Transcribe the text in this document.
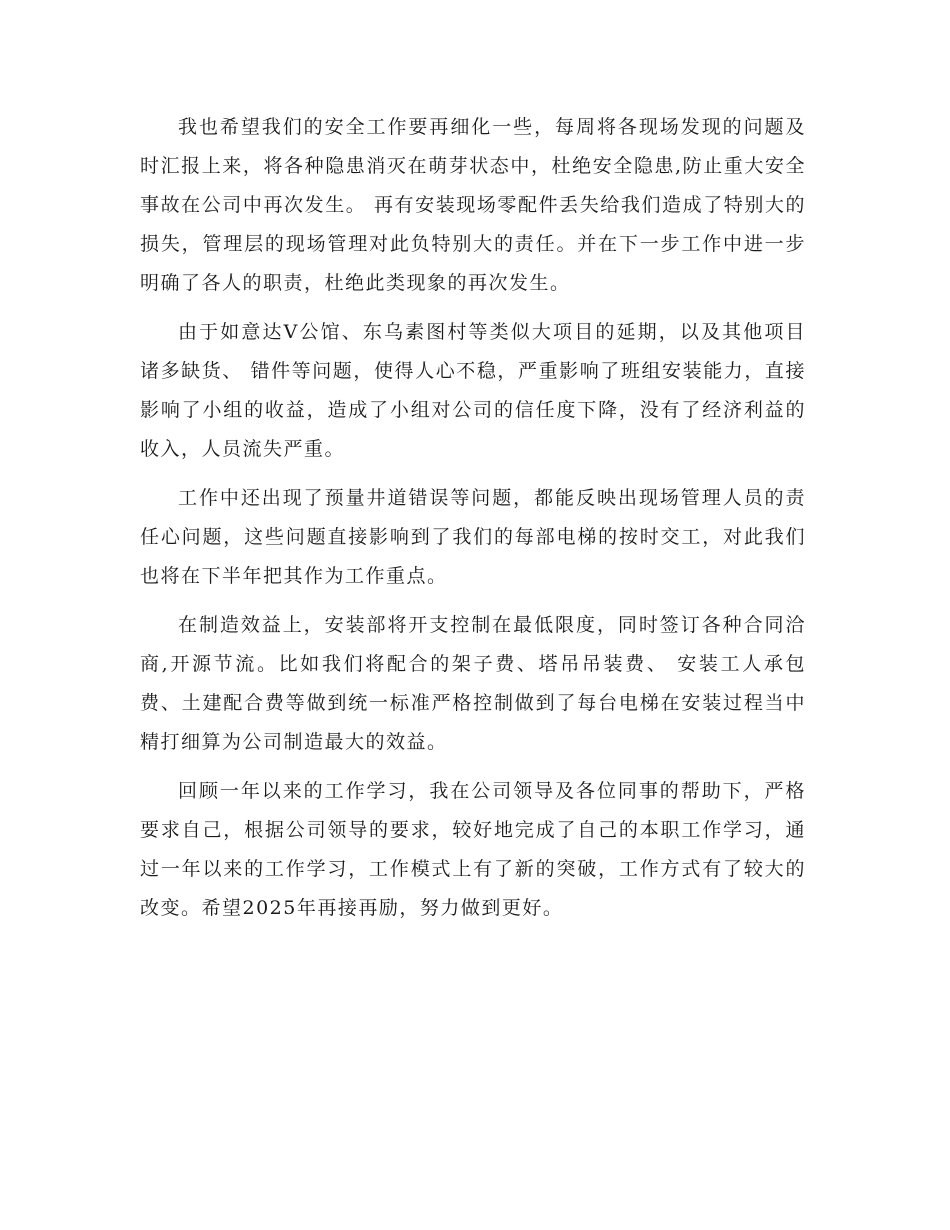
我也希望我们的安全工作要再细化一些，每周将各现场发现的问题及时汇报上来，将各种隐患消灭在萌芽状态中，杜绝安全隐患,防止重大安全事故在公司中再次发生。 再有安装现场零配件丢失给我们造成了特别大的损失，管理层的现场管理对此负特别大的责任。并在下一步工作中进一步明确了各人的职责，杜绝此类现象的再次发生。

由于如意达Ⅴ公馆、东乌素图村等类似大项目的延期，以及其他项目诸多缺货、 错件等问题，使得人心不稳，严重影响了班组安装能力，直接影响了小组的收益，造成了小组对公司的信任度下降，没有了经济利益的收入，人员流失严重。

工作中还出现了预量井道错误等问题，都能反映出现场管理人员的责任心问题，这些问题直接影响到了我们的每部电梯的按时交工，对此我们也将在下半年把其作为工作重点。

在制造效益上，安装部将开支控制在最低限度，同时签订各种合同洽商,开源节流。比如我们将配合的架子费、塔吊吊装费、 安装工人承包费、土建配合费等做到统一标准严格控制做到了每台电梯在安装过程当中精打细算为公司制造最大的效益。

回顾一年以来的工作学习，我在公司领导及各位同事的帮助下，严格要求自己，根据公司领导的要求，较好地完成了自己的本职工作学习，通过一年以来的工作学习，工作模式上有了新的突破，工作方式有了较大的改变。希望2025年再接再励，努力做到更好。
